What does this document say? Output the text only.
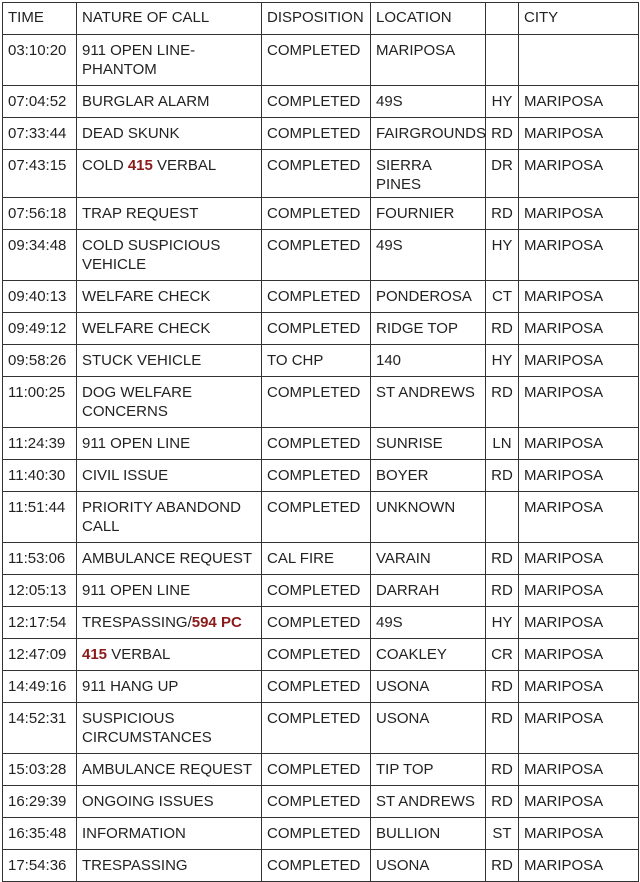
TIME	NATURE OF CALL	DISPOSITION	LOCATION		CITY
03:10:20	911 OPEN LINE-PHANTOM	COMPLETED	MARIPOSA		
07:04:52	BURGLAR ALARM	COMPLETED	49S	HY	MARIPOSA
07:33:44	DEAD SKUNK	COMPLETED	FAIRGROUNDS	RD	MARIPOSA
07:43:15	COLD 415 VERBAL	COMPLETED	SIERRA PINES	DR	MARIPOSA
07:56:18	TRAP REQUEST	COMPLETED	FOURNIER	RD	MARIPOSA
09:34:48	COLD SUSPICIOUS VEHICLE	COMPLETED	49S	HY	MARIPOSA
09:40:13	WELFARE CHECK	COMPLETED	PONDEROSA	CT	MARIPOSA
09:49:12	WELFARE CHECK	COMPLETED	RIDGE TOP	RD	MARIPOSA
09:58:26	STUCK VEHICLE	TO CHP	140	HY	MARIPOSA
11:00:25	DOG WELFARE CONCERNS	COMPLETED	ST ANDREWS	RD	MARIPOSA
11:24:39	911 OPEN LINE	COMPLETED	SUNRISE	LN	MARIPOSA
11:40:30	CIVIL ISSUE	COMPLETED	BOYER	RD	MARIPOSA
11:51:44	PRIORITY ABANDOND CALL	COMPLETED	UNKNOWN		MARIPOSA
11:53:06	AMBULANCE REQUEST	CAL FIRE	VARAIN	RD	MARIPOSA
12:05:13	911 OPEN LINE	COMPLETED	DARRAH	RD	MARIPOSA
12:17:54	TRESPASSING/594 PC	COMPLETED	49S	HY	MARIPOSA
12:47:09	415 VERBAL	COMPLETED	COAKLEY	CR	MARIPOSA
14:49:16	911 HANG UP	COMPLETED	USONA	RD	MARIPOSA
14:52:31	SUSPICIOUS CIRCUMSTANCES	COMPLETED	USONA	RD	MARIPOSA
15:03:28	AMBULANCE REQUEST	COMPLETED	TIP TOP	RD	MARIPOSA
16:29:39	ONGOING ISSUES	COMPLETED	ST ANDREWS	RD	MARIPOSA
16:35:48	INFORMATION	COMPLETED	BULLION	ST	MARIPOSA
17:54:36	TRESPASSING	COMPLETED	USONA	RD	MARIPOSA
